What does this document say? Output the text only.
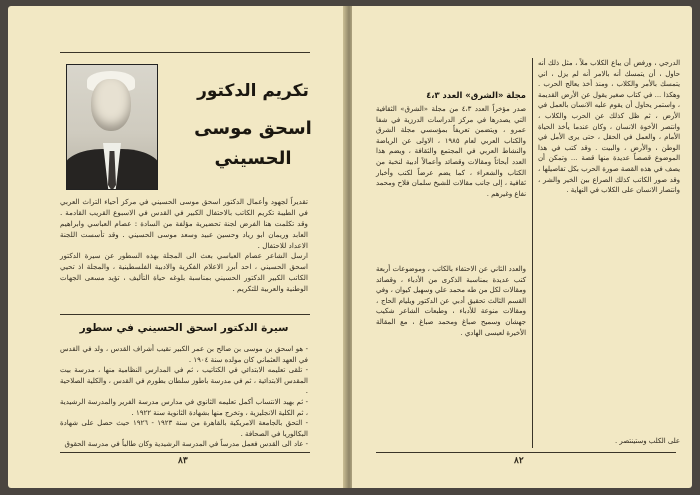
تكريم الدكتور
اسحق موسى الحسيني
تقديراً لجهود وأعمال الدكتور اسحق موسى الحسيني في مركز أحياء التراث العربي في الطيبة تكريم الكاتب بالاحتفال الكبير في القدس في الاسبوع القريب القادمة . وقد تكلمت هنا الفرض لجنة تحضيرية مؤلفة من السادة : عصام العباسي وابراهيم العابد وريمان ابو رياد وحسين عبيد وسعد موسى الحسيني . وقد تأسست اللجنة الاعداد للاحتفال .
ارسل الشاعر عصام العباسي بعث الى المجلة بهذه السطور عن سيرة الدكتور اسحق الحسيني ، احد أبرز الاعلام الفكرية والادبية الفلسطينية ، والمجلة اذ تحيي الكاتب الكبير الدكتور الحسيني بمناسبة بلوغه حياة التأليف ، تؤيد مسعى الجهات الوطنية والعربية للتكريم .
سيرة الدكتور اسحق الحسيني في سطور
- هو اسحق بن موسى بن صالح بن عمر الكبير نقيب أشراف القدس ، ولد في القدس في العهد العثماني كان مولده سنة ١٩٠٤ .
- تلقى تعليمه الابتدائي في الكتاتيب ، ثم في المدارس النظامية منها ، مدرسة بيت المقدس الابتدائية ، ثم في مدرسة باطوز سلطان بطورم في القدس ، والكلية الصلاحية .
- ثم بهيد الانتساب أكمل تعليمه الثانوي في مدارس مدرسة الفرير والمدرسة الرشيدية ، ثم الكلية الانجليزية ، وتخرج منها بشهادة الثانوية سنة ١٩٢٢ .
- التحق بالجامعة الامريكية بالقاهرة من سنة ١٩٢٣ - ١٩٢٦ حيث حصل على شهادة البكالوريا في الصحافة .
- عاد الى القدس فعمل مدرساً في المدرسة الرشيدية وكان طالباً في مدرسة الحقوق
٨٣
مجلة «الشرق» العدد ٤،٣
صدر مؤخراً العدد ٤،٣ من مجلة «الشرق» الثقافية التي يصدرها في مركز الدراسات الدرزية في شفا عمرو ، ويتضمن تعريفاً بمؤسسي مجلة الشرق والكتاب العربي لعام ١٩٨٥ ، الاولى عن الرياضة والنشاط العربي في المجتمع والثقافة ، ويضم هذا العدد أبحاثاً ومقالات وقصائد وأعمالاً أدبية لنخبة من الكتاب والشعراء ، كما يضم عرضاً لكتب وأخبار ثقافية ، إلى جانب مقالات للشيخ سلمان فلاح ومحمد نفاع وغيرهم .
والعدد الثاني عن الاحتفاء بالكاتب ، وموضوعات أربعة كتب عديدة بمناسبة الذكرى من الأدباء ، وقصائد ومقالات لكل من طه محمد علي وسهيل كيوان ، وفي القسم الثالث تحقيق أدبي عن الدكتور ويليام الحاج ، ومقالات منوعة للأدباء ، وطبعات الشاعر شكيب جهشان وسميح صباغ ومحمد صباغ ، مع المقالة الأخيرة لعيسى الهادي .
الدرجي ، ورفض أن يباع الكلاب ملاً ، مثل ذلك أنه حاول ، أن يتمسك أنه بالامر أنه لم يزل ، اني يتمسك بالأمر والكلاب ، ومنذ أخذ يعالج الحرب . وهكذا ... في كتاب صغير يقول عن الأرض القديمة ، واستمر يحاول أن يقوم عليه الانسان بالعمل في الأرض ، ثم ظل كذلك عن الحرب والكلاب ، وانتصر الأخوة الانسان ، وكان عندما يأخذ الحياة الأمام ، والعمل في الحقل ، حتى يرى الأمل في الوطن ، والأرض ، والبيت . وقد كتب في هذا الموضوع قصصاً عديدة منها قصة ... وتمكن أن يصف في هذه القصة صورة الحرب بكل تفاصيلها ، وقد صور الكاتب كذلك الصراع بين الخير والشر ، وانتصار الانسان على الكلاب في النهاية .
على الكلب وستينتصر .
٨٢
